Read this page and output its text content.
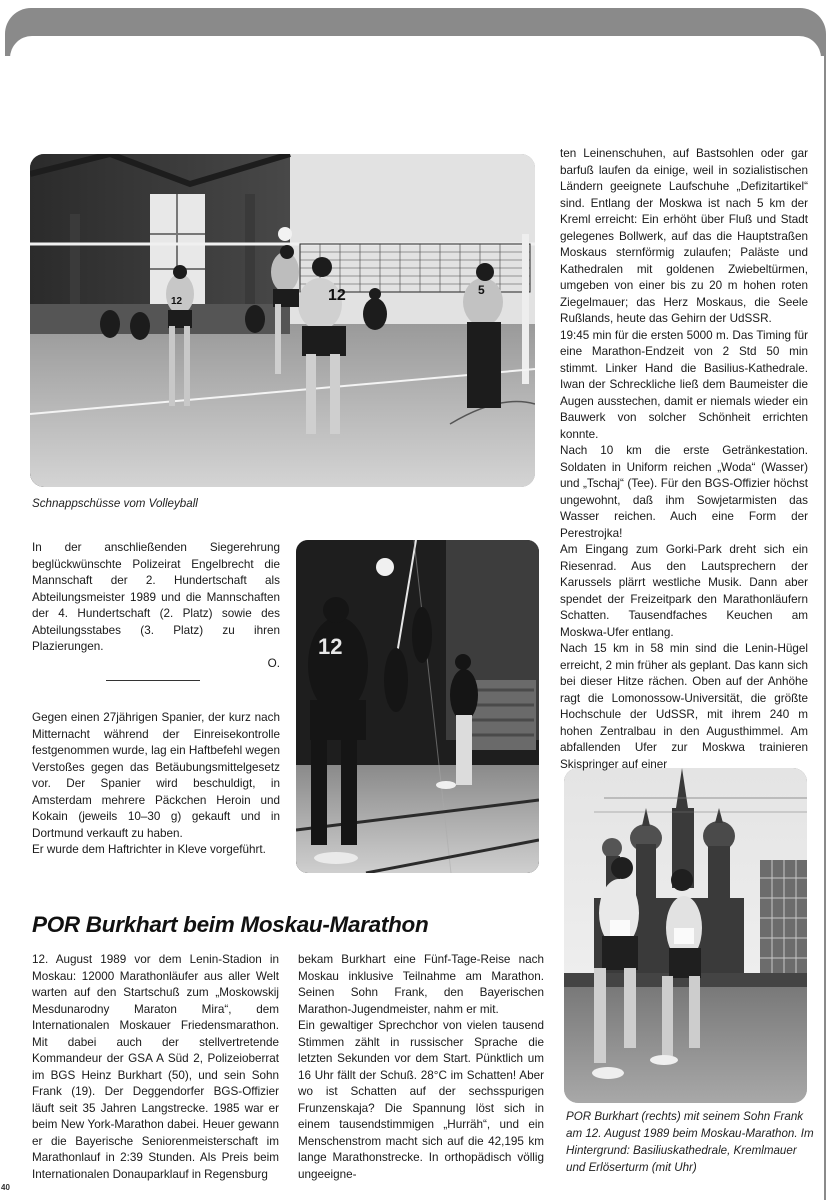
12	5
12
Schnappschüsse vom Volleyball
12
POR Burkhart (rechts) mit seinem Sohn Frank am 12. August 1989 beim Moskau-Marathon. Im Hintergrund: Basiliuskathedrale, Kremlmauer und Erlöserturm (mit Uhr)

ten Leinenschuhen, auf Bastsohlen oder gar barfuß laufen da einige, weil in sozialistischen Ländern geeignete Laufschuhe „Defizitartikel“ sind. Entlang der Moskwa ist nach 5 km der Kreml erreicht: Ein erhöht über Fluß und Stadt gelegenes Bollwerk, auf das die Hauptstraßen Moskaus sternförmig zulaufen; Paläste und Kathedralen mit goldenen Zwiebeltürmen, umgeben von einer bis zu 20 m hohen roten Ziegelmauer; das Herz Moskaus, die Seele Rußlands, heute das Gehirn der UdSSR.

19:45 min für die ersten 5000 m. Das Timing für eine Marathon-Endzeit von 2 Std 50 min stimmt. Linker Hand die Basilius-Kathedrale. Iwan der Schreckliche ließ dem Baumeister die Augen ausstechen, damit er niemals wieder ein Bauwerk von solcher Schönheit errichten konnte.

Nach 10 km die erste Getränkestation. Soldaten in Uniform reichen „Woda“ (Wasser) und „Tschaj“ (Tee). Für den BGS-Offizier höchst ungewohnt, daß ihm Sowjetarmisten das Wasser reichen. Auch eine Form der Perestrojka!

Am Eingang zum Gorki-Park dreht sich ein Riesenrad. Aus den Lautsprechern der Karussels plärrt westliche Musik. Dann aber spendet der Freizeitpark den Marathonläufern Schatten. Tausendfaches Keuchen am Moskwa-Ufer entlang.

Nach 15 km in 58 min sind die Lenin-Hügel erreicht, 2 min früher als geplant. Das kann sich bei dieser Hitze rächen. Oben auf der Anhöhe ragt die Lomonossow-Universität, die größte Hochschule der UdSSR, mit ihrem 240 m hohen Zentralbau in den Augusthimmel. Am abfallenden Ufer zur Moskwa trainieren Skispringer auf einer

In der anschließenden Siegerehrung beglückwünschte Polizeirat Engelbrecht die Mannschaft der 2. Hundertschaft als Abteilungsmeister 1989 und die Mannschaften der 4. Hundertschaft (2. Platz) sowie des Abteilungsstabes (3. Platz) zu ihren Plazierungen.

O.

Gegen einen 27jährigen Spanier, der kurz nach Mitternacht während der Einreisekontrolle festgenommen wurde, lag ein Haftbefehl wegen Verstoßes gegen das Betäubungsmittelgesetz vor. Der Spanier wird beschuldigt, in Amsterdam mehrere Päckchen Heroin und Kokain (jeweils 10–30 g) gekauft und in Dortmund verkauft zu haben.

Er wurde dem Haftrichter in Kleve vorgeführt.

POR Burkhart beim Moskau-Marathon

12. August 1989 vor dem Lenin-Stadion in Moskau: 12000 Marathonläufer aus aller Welt warten auf den Startschuß zum „Moskowskij Mesdunarodny Maraton Mira“, dem Internationalen Moskauer Friedensmarathon. Mit dabei auch der stellvertretende Kommandeur der GSA A Süd 2, Polizeioberrat im BGS Heinz Burkhart (50), und sein Sohn Frank (19). Der Deggendorfer BGS-Offizier läuft seit 35 Jahren Langstrecke. 1985 war er beim New York-Marathon dabei. Heuer gewann er die Bayerische Seniorenmeisterschaft im Marathonlauf in 2:39 Stunden. Als Preis beim Internationalen Donauparklauf in Regensburg

bekam Burkhart eine Fünf-Tage-Reise nach Moskau inklusive Teilnahme am Marathon. Seinen Sohn Frank, den Bayerischen Marathon-Jugendmeister, nahm er mit.

Ein gewaltiger Sprechchor von vielen tausend Stimmen zählt in russischer Sprache die letzten Sekunden vor dem Start. Pünktlich um 16 Uhr fällt der Schuß. 28°C im Schatten! Aber wo ist Schatten auf der sechsspurigen Frunzenskaja? Die Spannung löst sich in einem tausendstimmigen „Hurräh“, und ein Menschenstrom macht sich auf die 42,195 km lange Marathonstrecke. In orthopädisch völlig ungeeigne-

40
